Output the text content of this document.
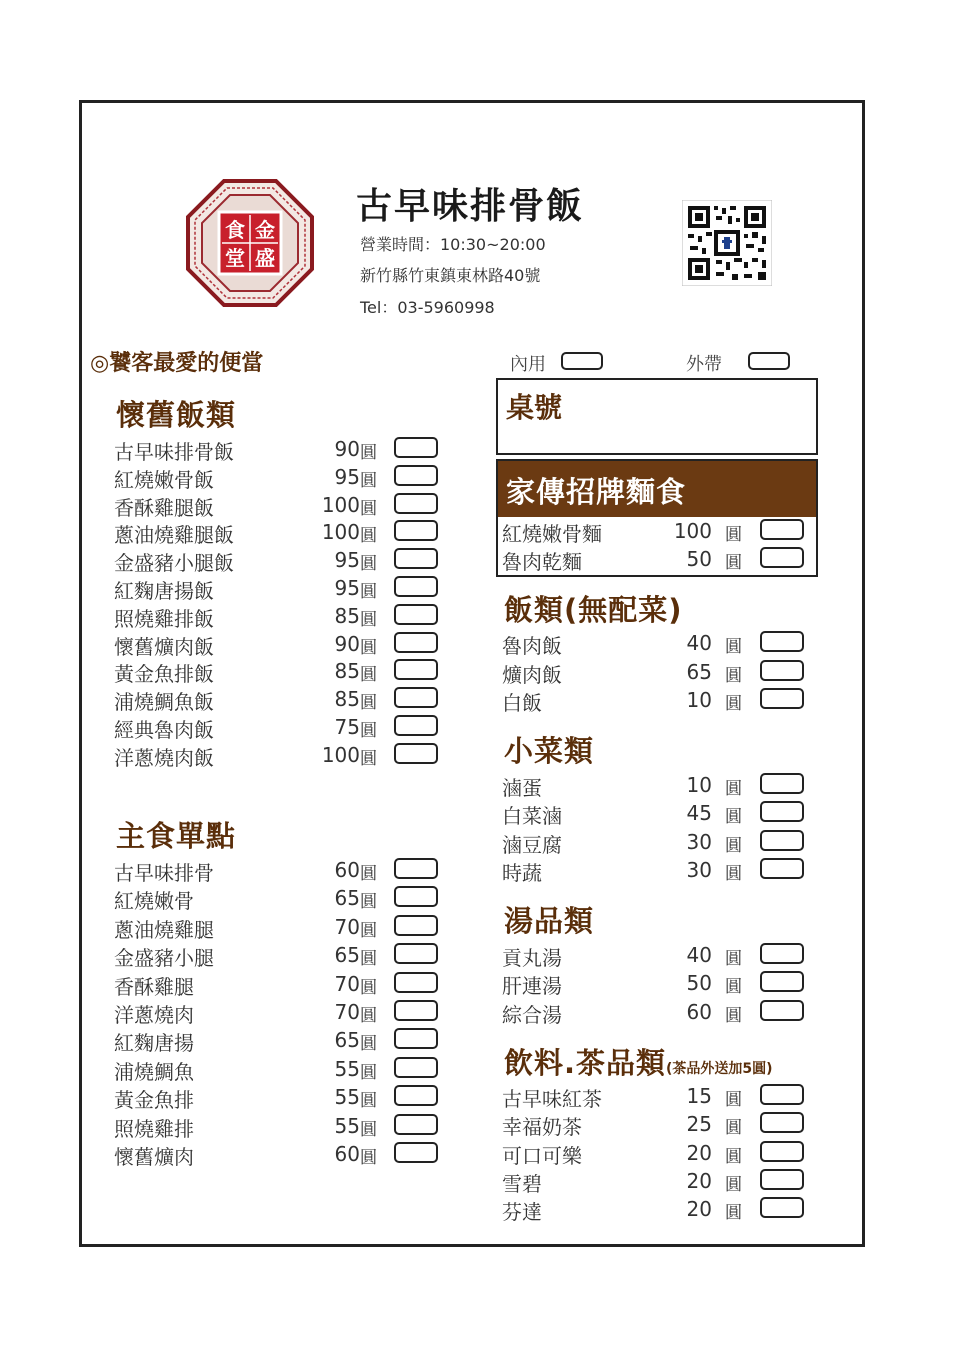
食 金
堂 盛
古早味排骨飯
營業時間：10:30~20:00
新竹縣竹東鎮東林路40號
Tel：03-5960998
◎饕客最愛的便當	內用	外帶
桌號
家傳招牌麵食
懷舊飯類
主食單點
飯類(無配菜)
小菜類
湯品類
飲料.茶品類(茶品外送加5圓)
古早味排骨飯	90 圓
紅燒嫩骨飯	95 圓
香酥雞腿飯	100 圓
蔥油燒雞腿飯	100 圓
金盛豬小腿飯	95 圓
紅麴唐揚飯	95 圓
照燒雞排飯	85 圓
懷舊爌肉飯	90 圓
黃金魚排飯	85 圓
浦燒鯛魚飯	85 圓
經典魯肉飯	75 圓
洋蔥燒肉飯	100 圓
古早味排骨	60 圓
紅燒嫩骨	65 圓
蔥油燒雞腿	70 圓
金盛豬小腿	65 圓
香酥雞腿	70 圓
洋蔥燒肉	70 圓
紅麴唐揚	65 圓
浦燒鯛魚	55 圓
黃金魚排	55 圓
照燒雞排	55 圓
懷舊爌肉	60 圓
紅燒嫩骨麵	100 圓
魯肉乾麵	50 圓
魯肉飯	40 圓
爌肉飯	65 圓
白飯	10 圓
滷蛋	10 圓
白菜滷	45 圓
滷豆腐	30 圓
時蔬	30 圓
貢丸湯	40 圓
肝連湯	50 圓
綜合湯	60 圓
古早味紅茶	15 圓
幸福奶茶	25 圓
可口可樂	20 圓
雪碧	20 圓
芬達	20 圓
